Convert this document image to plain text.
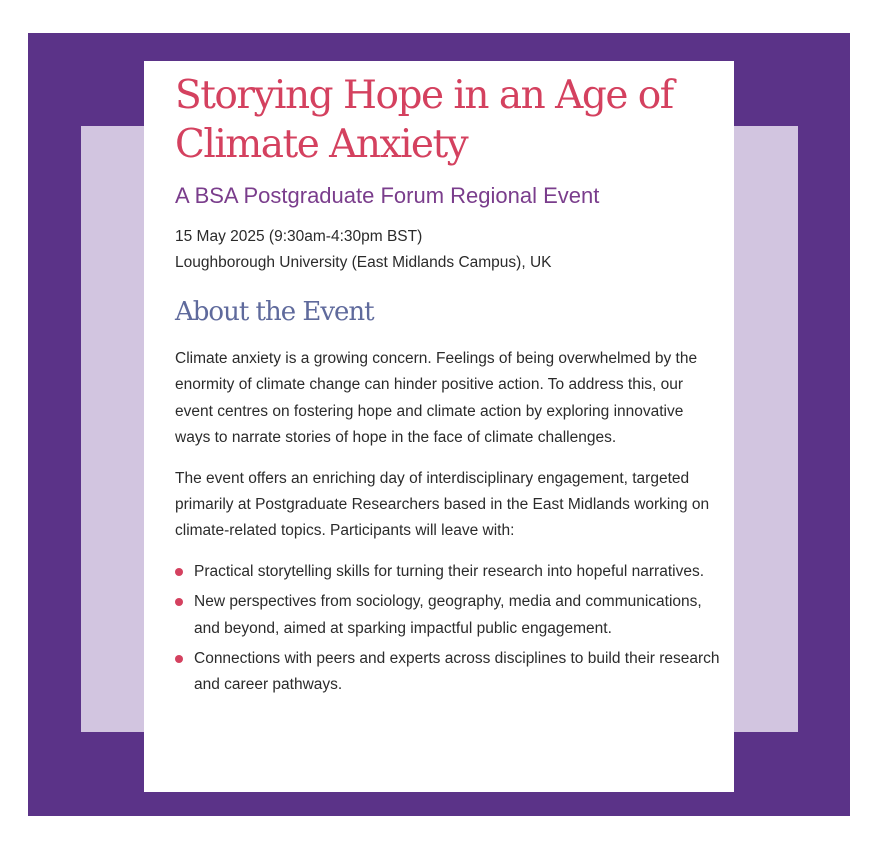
Storying Hope in an Age of Climate Anxiety
A BSA Postgraduate Forum Regional Event
15 May 2025 (9:30am-4:30pm BST)
Loughborough University (East Midlands Campus), UK
About the Event

Climate anxiety is a growing concern. Feelings of being overwhelmed by the enormity of climate change can hinder positive action. To address this, our event centres on fostering hope and climate action by exploring innovative ways to narrate stories of hope in the face of climate challenges.

The event offers an enriching day of interdisciplinary engagement, targeted primarily at Postgraduate Researchers based in the East Midlands working on climate-related topics. Participants will leave with:

Practical storytelling skills for turning their research into hopeful narratives.
New perspectives from sociology, geography, media and communications, and beyond, aimed at sparking impactful public engagement.
Connections with peers and experts across disciplines to build their research and career pathways.
